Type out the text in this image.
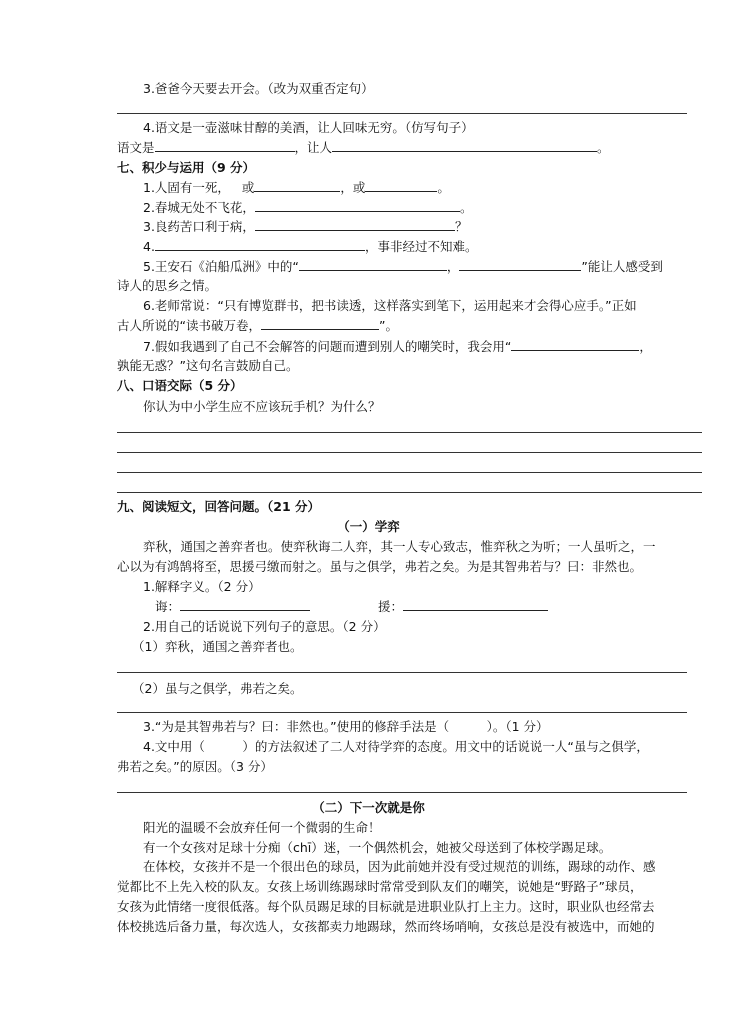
3.爸爸今天要去开会。（改为双重否定句）
4.语文是一壶滋味甘醇的美酒，让人回味无穷。（仿写句子）
语文是	，让人	。
七、积少与运用（9 分）
1.人固有一死， 或	，或	。
2.春城无处不飞花，	。
3.良药苦口利于病，	？
4.	，事非经过不知难。
5.王安石《泊船瓜洲》中的“	，	”能让人感受到
诗人的思乡之情。
6.老师常说：“只有博览群书，把书读透，这样落实到笔下，运用起来才会得心应手。”正如
古人所说的“读书破万卷，	”。
7.假如我遇到了自己不会解答的问题而遭到别人的嘲笑时，我会用“	，
孰能无惑？”这句名言鼓励自己。
八、口语交际（5 分）
你认为中小学生应不应该玩手机？为什么？
九、阅读短文，回答问题。（21 分）
（一）学弈
弈秋，通国之善弈者也。使弈秋诲二人弈，其一人专心致志，惟弈秋之为听；一人虽听之，一
心以为有鸿鹄将至，思援弓缴而射之。虽与之俱学，弗若之矣。为是其智弗若与？曰：非然也。
1.解释字义。（2 分）
诲：	援：
2.用自己的话说说下列句子的意思。（2 分）
（1）弈秋，通国之善弈者也。
（2）虽与之俱学，弗若之矣。
3.“为是其智弗若与？曰：非然也。”使用的修辞手法是（　　　）。（1 分）
4.文中用（　　　）的方法叙述了二人对待学弈的态度。用文中的话说说一人“虽与之俱学，
弗若之矣。”的原因。（3 分）
（二）下一次就是你
阳光的温暖不会放弃任何一个微弱的生命！
有一个女孩对足球十分痴（chī）迷，一个偶然机会，她被父母送到了体校学踢足球。
在体校，女孩并不是一个很出色的球员，因为此前她并没有受过规范的训练，踢球的动作、感
觉都比不上先入校的队友。女孩上场训练踢球时常常受到队友们的嘲笑，说她是“野路子”球员，
女孩为此情绪一度很低落。每个队员踢足球的目标就是进职业队打上主力。这时，职业队也经常去
体校挑选后备力量，每次选人，女孩都卖力地踢球，然而终场哨响，女孩总是没有被选中，而她的
